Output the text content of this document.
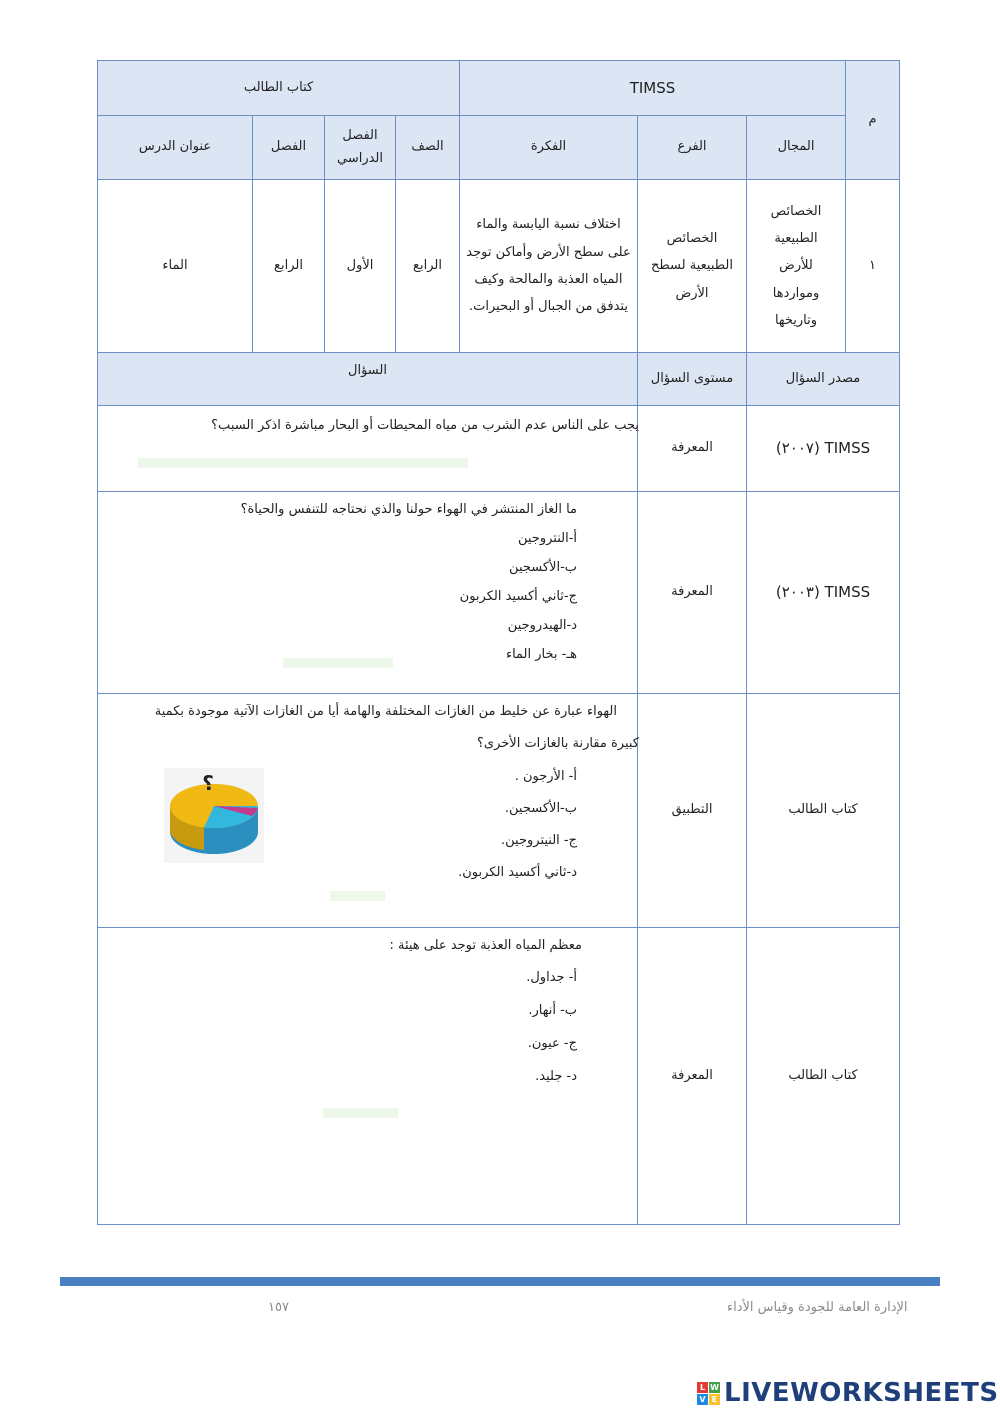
م
TIMSS
كتاب الطالب
المجال
الفرع
الفكرة
الصف
الفصل الدراسي
الفصل
عنوان الدرس
١
الخصائص الطبيعية للأرض ومواردها وتاريخها
الخصائص الطبيعية لسطح الأرض
اختلاف نسبة اليابسة والماء على سطح الأرض وأماكن توجد المياه العذبة والمالحة وكيف يتدفق من الجبال أو البحيرات.
الرابع
الأول
الرابع
الماء
مصدر السؤال
مستوى السؤال
السؤال
TIMSS (٢٠٠٧)
المعرفة
يجب على الناس عدم الشرب من مياه المحيطات أو البحار مباشرة اذكر السبب؟
TIMSS (٢٠٠٣)
المعرفة
ما الغاز المنتشر في الهواء حولنا والذي نحتاجه للتنفس والحياة؟
أ-النتروجين
ب-الأكسجين
ج-ثاني أكسيد الكربون
د-الهيدروجين
هـ- بخار الماء
كتاب الطالب
التطبيق
الهواء عبارة عن خليط من الغازات المختلفة والهامة أيا من الغازات الآتية موجودة بكمية
كبيرة مقارنة بالغازات الأخرى؟
أ- الأرجون .
ب-الأكسجين.
ج- النيتروجين.
د-ثاني أكسيد الكربون.
؟
كتاب الطالب
المعرفة
معظم المياه العذبة توجد على هيئة :
أ- جداول.
ب- أنهار.
ج- عيون.
د- جليد.
١٥٧	الإدارة العامة للجودة وقياس الأداء
L W
V E LIVEWORKSHEETS
